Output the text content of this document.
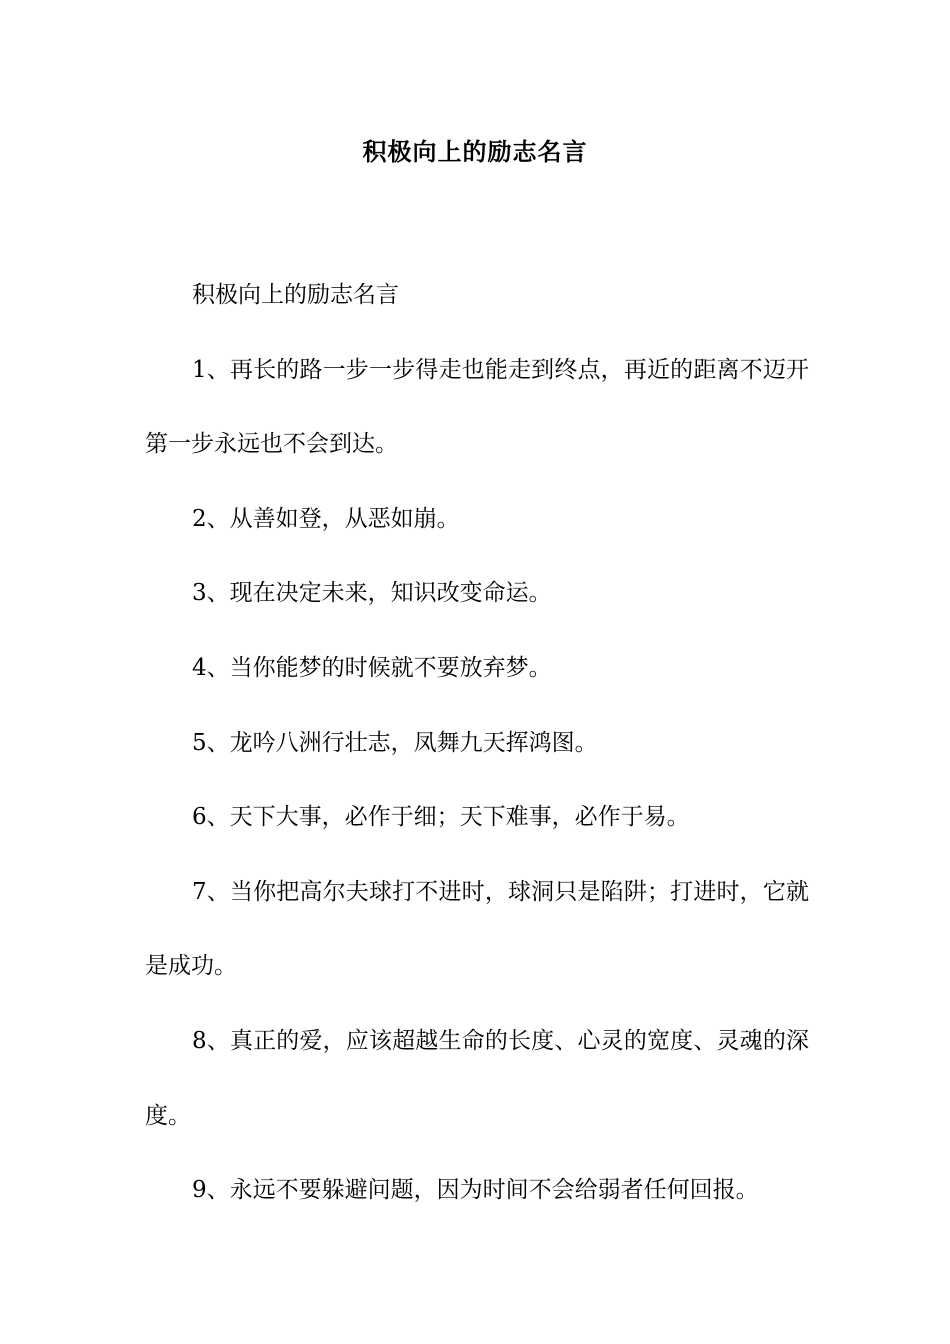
积极向上的励志名言

积极向上的励志名言

1、再长的路一步一步得走也能走到终点，再近的距离不迈开第一步永远也不会到达。

2、从善如登，从恶如崩。

3、现在决定未来，知识改变命运。

4、当你能梦的时候就不要放弃梦。

5、龙吟八洲行壮志，凤舞九天挥鸿图。

6、天下大事，必作于细；天下难事，必作于易。

7、当你把高尔夫球打不进时，球洞只是陷阱；打进时，它就是成功。

8、真正的爱，应该超越生命的长度、心灵的宽度、灵魂的深度。

9、永远不要躲避问题，因为时间不会给弱者任何回报。
